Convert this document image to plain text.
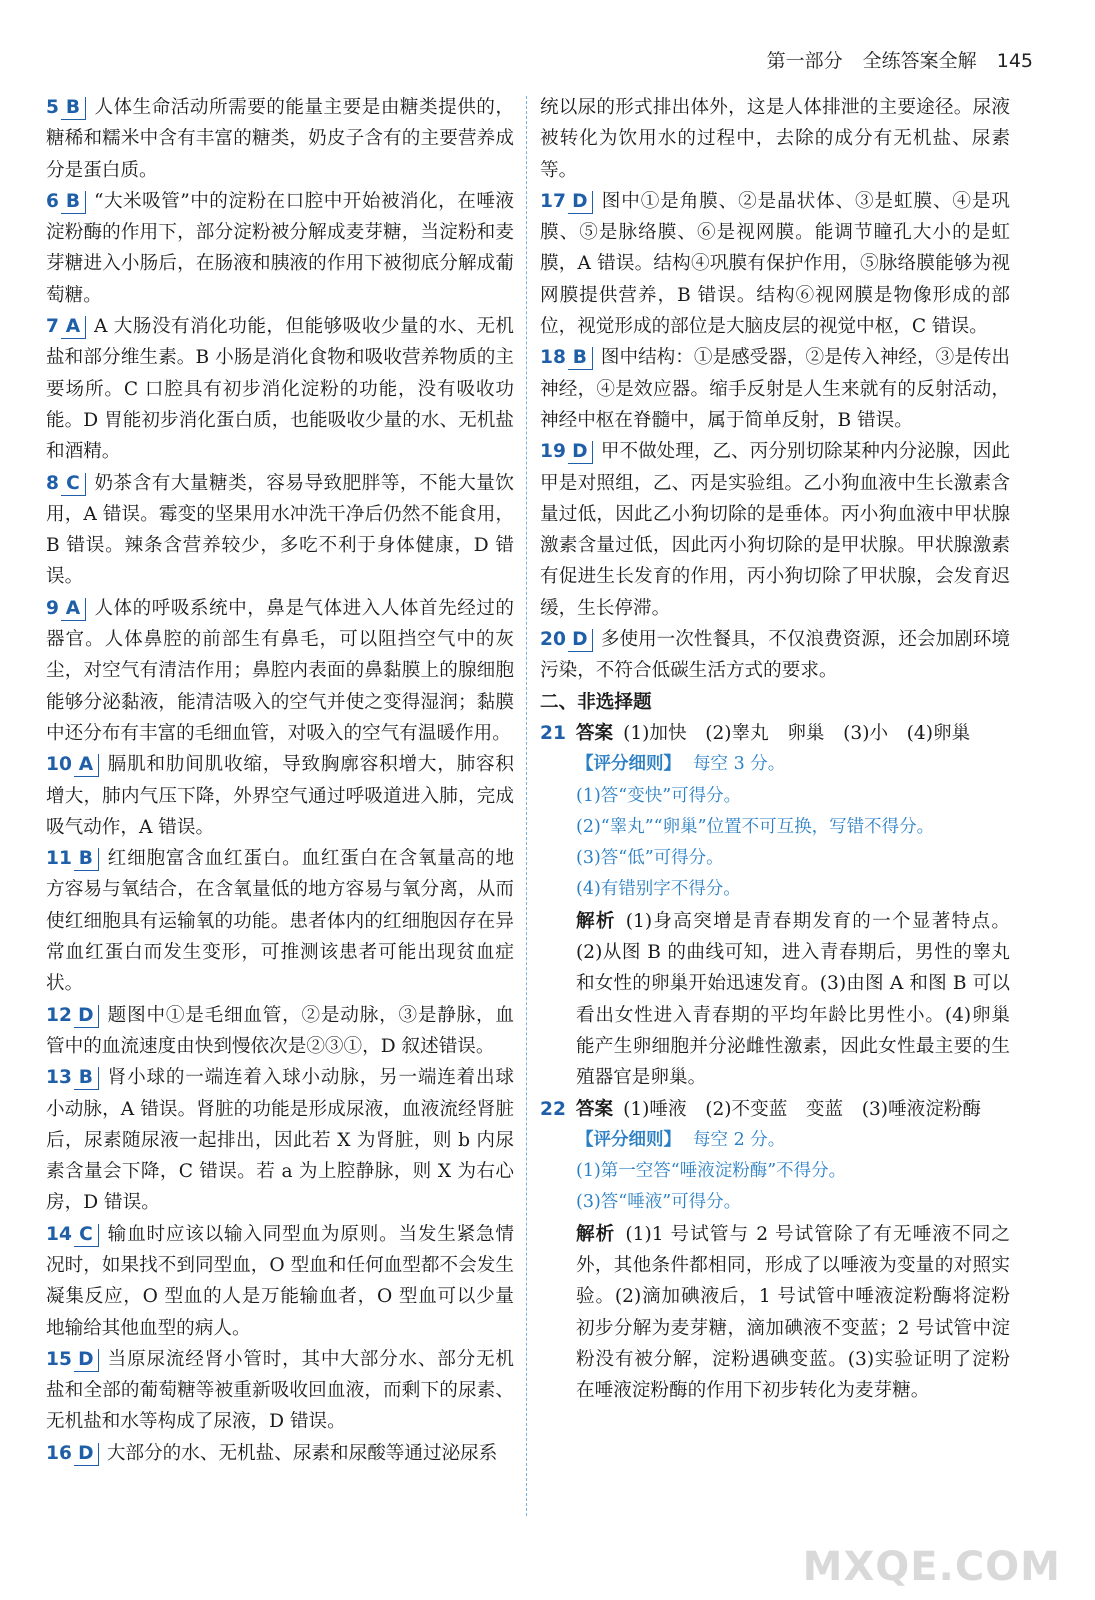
第一部分 全练答案全解 145
5 B 人体生命活动所需要的能量主要是由糖类提供的，糖稀和糯米中含有丰富的糖类，奶皮子含有的主要营养成分是蛋白质。
6 B “大米吸管”中的淀粉在口腔中开始被消化，在唾液淀粉酶的作用下，部分淀粉被分解成麦芽糖，当淀粉和麦芽糖进入小肠后，在肠液和胰液的作用下被彻底分解成葡萄糖。
7 A A 大肠没有消化功能，但能够吸收少量的水、无机盐和部分维生素。B 小肠是消化食物和吸收营养物质的主要场所。C 口腔具有初步消化淀粉的功能，没有吸收功能。D 胃能初步消化蛋白质，也能吸收少量的水、无机盐和酒精。
8 C 奶茶含有大量糖类，容易导致肥胖等，不能大量饮用，A 错误。霉变的坚果用水冲洗干净后仍然不能食用，B 错误。辣条含营养较少，多吃不利于身体健康，D 错误。
9 A 人体的呼吸系统中，鼻是气体进入人体首先经过的器官。人体鼻腔的前部生有鼻毛，可以阻挡空气中的灰尘，对空气有清洁作用；鼻腔内表面的鼻黏膜上的腺细胞能够分泌黏液，能清洁吸入的空气并使之变得湿润；黏膜中还分布有丰富的毛细血管，对吸入的空气有温暖作用。
10 A 膈肌和肋间肌收缩，导致胸廓容积增大，肺容积增大，肺内气压下降，外界空气通过呼吸道进入肺，完成吸气动作，A 错误。
11 B 红细胞富含血红蛋白。血红蛋白在含氧量高的地方容易与氧结合，在含氧量低的地方容易与氧分离，从而使红细胞具有运输氧的功能。患者体内的红细胞因存在异常血红蛋白而发生变形，可推测该患者可能出现贫血症状。
12 D 题图中①是毛细血管，②是动脉，③是静脉，血管中的血流速度由快到慢依次是②③①，D 叙述错误。
13 B 肾小球的一端连着入球小动脉，另一端连着出球小动脉，A 错误。肾脏的功能是形成尿液，血液流经肾脏后，尿素随尿液一起排出，因此若 X 为肾脏，则 b 内尿素含量会下降，C 错误。若 a 为上腔静脉，则 X 为右心房，D 错误。
14 C 输血时应该以输入同型血为原则。当发生紧急情况时，如果找不到同型血，O 型血和任何血型都不会发生凝集反应，O 型血的人是万能输血者，O 型血可以少量地输给其他血型的病人。
15 D 当原尿流经肾小管时，其中大部分水、部分无机盐和全部的葡萄糖等被重新吸收回血液，而剩下的尿素、无机盐和水等构成了尿液，D 错误。
16 D 大部分的水、无机盐、尿素和尿酸等通过泌尿系
统以尿的形式排出体外，这是人体排泄的主要途径。尿液被转化为饮用水的过程中，去除的成分有无机盐、尿素等。
17 D 图中①是角膜、②是晶状体、③是虹膜、④是巩膜、⑤是脉络膜、⑥是视网膜。能调节瞳孔大小的是虹膜，A 错误。结构④巩膜有保护作用，⑤脉络膜能够为视网膜提供营养，B 错误。结构⑥视网膜是物像形成的部位，视觉形成的部位是大脑皮层的视觉中枢，C 错误。
18 B 图中结构：①是感受器，②是传入神经，③是传出神经，④是效应器。缩手反射是人生来就有的反射活动，神经中枢在脊髓中，属于简单反射，B 错误。
19 D 甲不做处理，乙、丙分别切除某种内分泌腺，因此甲是对照组，乙、丙是实验组。乙小狗血液中生长激素含量过低，因此乙小狗切除的是垂体。丙小狗血液中甲状腺激素含量过低，因此丙小狗切除的是甲状腺。甲状腺激素有促进生长发育的作用，丙小狗切除了甲状腺，会发育迟缓，生长停滞。
20 D 多使用一次性餐具，不仅浪费资源，还会加剧环境污染，不符合低碳生活方式的要求。
二、非选择题
21 答案 (1)加快　(2)睾丸　卵巢　(3)小　(4)卵巢
【评分细则】 每空 3 分。
(1)答“变快”可得分。
(2)“睾丸”“卵巢”位置不可互换，写错不得分。
(3)答“低”可得分。
(4)有错别字不得分。
解析 (1)身高突增是青春期发育的一个显著特点。(2)从图 B 的曲线可知，进入青春期后，男性的睾丸和女性的卵巢开始迅速发育。(3)由图 A 和图 B 可以看出女性进入青春期的平均年龄比男性小。(4)卵巢能产生卵细胞并分泌雌性激素，因此女性最主要的生殖器官是卵巢。
22 答案 (1)唾液　(2)不变蓝　变蓝　(3)唾液淀粉酶
【评分细则】 每空 2 分。
(1)第一空答“唾液淀粉酶”不得分。
(3)答“唾液”可得分。
解析 (1)1 号试管与 2 号试管除了有无唾液不同之外，其他条件都相同，形成了以唾液为变量的对照实验。(2)滴加碘液后，1 号试管中唾液淀粉酶将淀粉初步分解为麦芽糖，滴加碘液不变蓝；2 号试管中淀粉没有被分解，淀粉遇碘变蓝。(3)实验证明了淀粉在唾液淀粉酶的作用下初步转化为麦芽糖。
MXQE.COM
